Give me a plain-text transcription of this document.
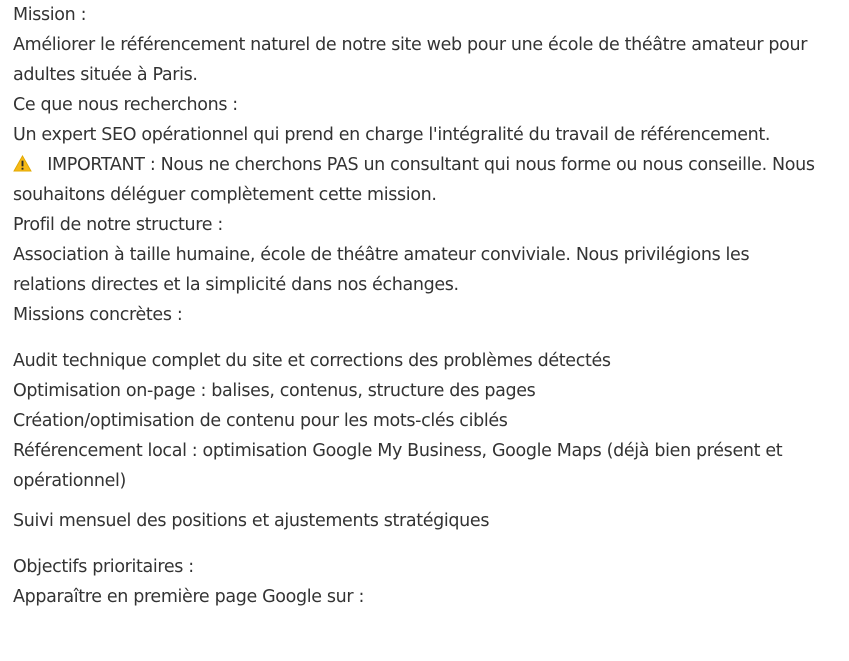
Mission :
Améliorer le référencement naturel de notre site web pour une école de théâtre amateur pour
adultes située à Paris.
Ce que nous recherchons :
Un expert SEO opérationnel qui prend en charge l'intégralité du travail de référencement.
IMPORTANT : Nous ne cherchons PAS un consultant qui nous forme ou nous conseille. Nous
souhaitons déléguer complètement cette mission.
Profil de notre structure :
Association à taille humaine, école de théâtre amateur conviviale. Nous privilégions les
relations directes et la simplicité dans nos échanges.
Missions concrètes :
Audit technique complet du site et corrections des problèmes détectés
Optimisation on-page : balises, contenus, structure des pages
Création/optimisation de contenu pour les mots-clés ciblés
Référencement local : optimisation Google My Business, Google Maps (déjà bien présent et
opérationnel)
Suivi mensuel des positions et ajustements stratégiques
Objectifs prioritaires :
Apparaître en première page Google sur :
